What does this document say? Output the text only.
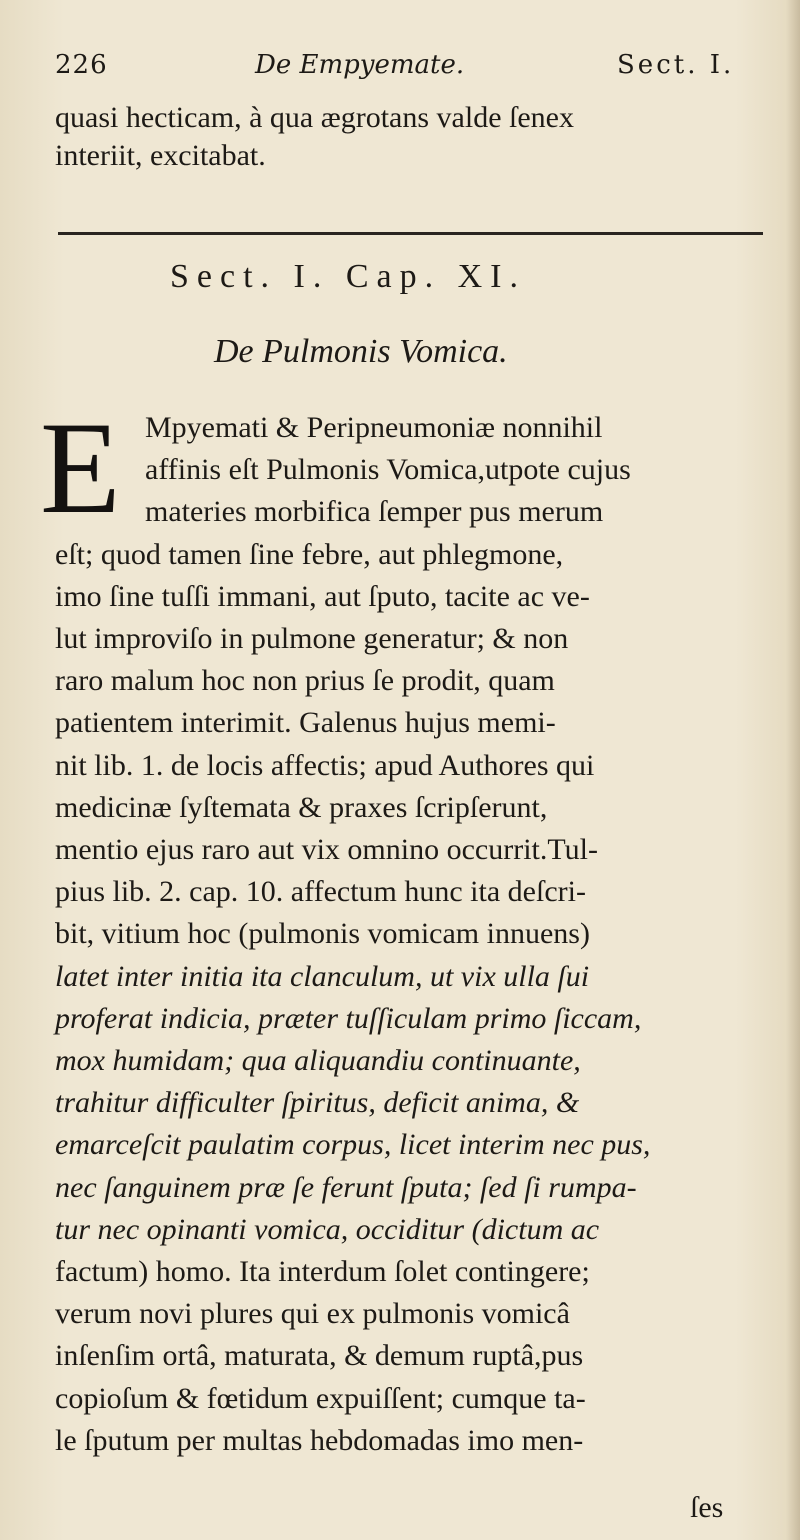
226	De Empyemate.	Sect. I.

quasi hecticam, à qua ægrotans valde ſenex

interiit, excitabat.

Sect. I. Cap. XI.
De Pulmonis Vomica.
E Mpyemati & Peripneumoniæ nonnihil

affinis eſt Pulmonis Vomica,utpote cujus

materies morbifica ſemper pus merum

eſt; quod tamen ſine febre, aut phlegmone,

imo ſine tuſſi immani, aut ſputo, tacite ac ve-

lut improviſo in pulmone generatur; & non

raro malum hoc non prius ſe prodit, quam

patientem interimit. Galenus hujus memi-

nit lib. 1. de locis affectis; apud Authores qui

medicinæ ſyſtemata & praxes ſcripſerunt,

mentio ejus raro aut vix omnino occurrit.Tul-

pius lib. 2. cap. 10. affectum hunc ita deſcri-

bit, vitium hoc (pulmonis vomicam innuens)

latet inter initia ita clanculum, ut vix ulla ſui

proferat indicia, præter tuſſiculam primo ſiccam,

mox humidam; qua aliquandiu continuante,

trahitur difficulter ſpiritus, deficit anima, &

emarceſcit paulatim corpus, licet interim nec pus,

nec ſanguinem præ ſe ferunt ſputa; ſed ſi rumpa-

tur nec opinanti vomica, occiditur (dictum ac

factum) homo. Ita interdum ſolet contingere;

verum novi plures qui ex pulmonis vomicâ

inſenſim ortâ, maturata, & demum ruptâ,pus

copioſum & fœtidum expuiſſent; cumque ta-

le ſputum per multas hebdomadas imo men-

ſes
